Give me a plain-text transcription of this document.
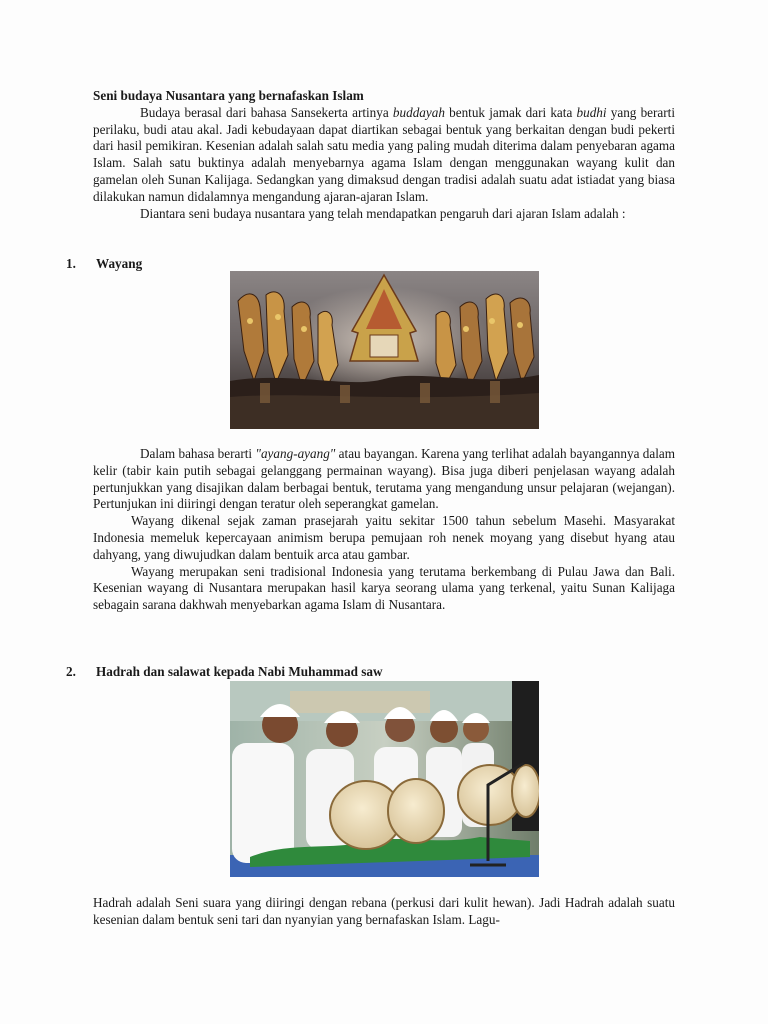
Seni budaya Nusantara yang bernafaskan Islam

Budaya berasal dari bahasa Sansekerta artinya buddayah bentuk jamak dari kata budhi yang berarti perilaku, budi atau akal. Jadi kebudayaan dapat diartikan sebagai bentuk yang berkaitan dengan budi pekerti dari hasil pemikiran. Kesenian adalah salah satu media yang paling mudah diterima dalam penyebaran agama Islam. Salah satu buktinya adalah menyebarnya agama Islam dengan menggunakan wayang kulit dan gamelan oleh Sunan Kalijaga. Sedangkan yang dimaksud dengan tradisi adalah suatu adat istiadat yang biasa dilakukan namun didalamnya mengandung ajaran-ajaran Islam.

Diantara seni budaya nusantara yang telah mendapatkan pengaruh dari ajaran Islam adalah :

1. Wayang

Dalam bahasa berarti "ayang-ayang" atau bayangan. Karena yang terlihat adalah bayangannya dalam kelir (tabir kain putih sebagai gelanggang permainan wayang). Bisa juga diberi penjelasan wayang adalah pertunjukkan yang disajikan dalam berbagai bentuk, terutama yang mengandung unsur pelajaran (wejangan). Pertunjukan ini diiringi dengan teratur oleh seperangkat gamelan.

Wayang dikenal sejak zaman prasejarah yaitu sekitar 1500 tahun sebelum Masehi. Masyarakat Indonesia memeluk kepercayaan animism berupa pemujaan roh nenek moyang yang disebut hyang atau dahyang, yang diwujudkan dalam bentuik arca atau gambar.

Wayang merupakan seni tradisional Indonesia yang terutama berkembang di Pulau Jawa dan Bali. Kesenian wayang di Nusantara merupakan hasil karya seorang ulama yang terkenal, yaitu Sunan Kalijaga sebagain sarana dakhwah menyebarkan agama Islam di Nusantara.

2. Hadrah dan salawat kepada Nabi Muhammad saw

Hadrah adalah Seni suara yang diiringi dengan rebana (perkusi dari kulit hewan). Jadi Hadrah adalah suatu kesenian dalam bentuk seni tari dan nyanyian yang bernafaskan Islam. Lagu-
